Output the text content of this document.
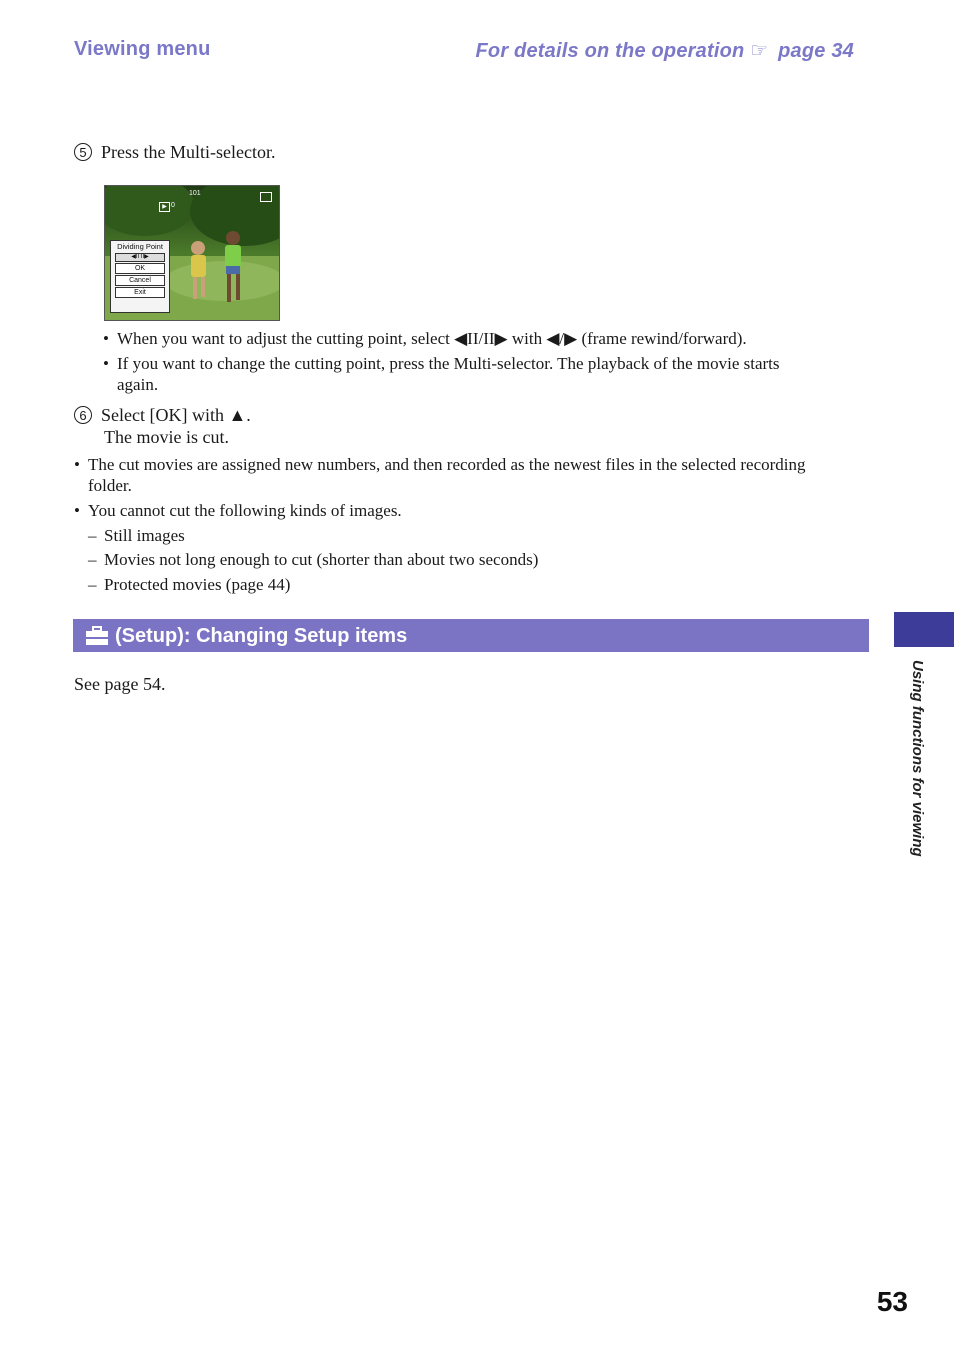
Viewing menu	For details on the operation ☞ page 34
5 Press the Multi-selector.
101
▶ 0
Dividing Point
◀II II▶
OK
Cancel
Exit
• When you want to adjust the cutting point, select ◀II/II▶ with ◀/▶ (frame rewind/forward).
• If you want to change the cutting point, press the Multi-selector. The playback of the movie starts
again.
6 Select [OK] with ▲.
The movie is cut.
• The cut movies are assigned new numbers, and then recorded as the newest files in the selected recording
folder.
• You cannot cut the following kinds of images.
– Still images
– Movies not long enough to cut (shorter than about two seconds)
– Protected movies (page 44)
(Setup): Changing Setup items
See page 54.	Using functions for viewing
53
